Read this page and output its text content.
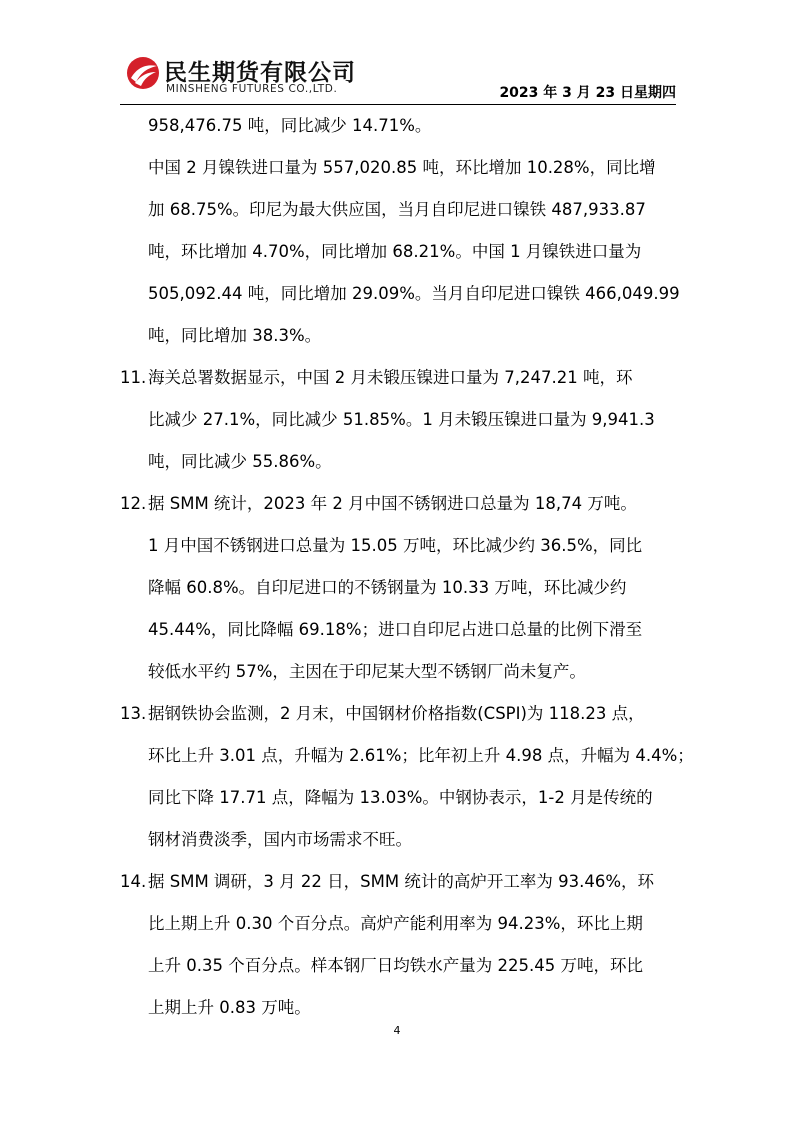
民生期货有限公司
MINSHENG FUTURES CO.,LTD.	2023 年 3 月 23 日星期四
958,476.75 吨，同比减少 14.71%。
中国 2 月镍铁进口量为 557,020.85 吨，环比增加 10.28%，同比增
加 68.75%。印尼为最大供应国，当月自印尼进口镍铁 487,933.87
吨，环比增加 4.70%，同比增加 68.21%。中国 1 月镍铁进口量为
505,092.44 吨，同比增加 29.09%。当月自印尼进口镍铁 466,049.99
吨，同比增加 38.3%。
11. 海关总署数据显示，中国 2 月未锻压镍进口量为 7,247.21 吨，环
比减少 27.1%，同比减少 51.85%。1 月未锻压镍进口量为 9,941.3
吨，同比减少 55.86%。
12. 据 SMM 统计，2023 年 2 月中国不锈钢进口总量为 18,74 万吨。
1 月中国不锈钢进口总量为 15.05 万吨，环比减少约 36.5%，同比
降幅 60.8%。自印尼进口的不锈钢量为 10.33 万吨，环比减少约
45.44%，同比降幅 69.18%；进口自印尼占进口总量的比例下滑至
较低水平约 57%，主因在于印尼某大型不锈钢厂尚未复产。
13. 据钢铁协会监测，2 月末，中国钢材价格指数(CSPI)为 118.23 点，
环比上升 3.01 点，升幅为 2.61%；比年初上升 4.98 点，升幅为 4.4%；
同比下降 17.71 点，降幅为 13.03%。中钢协表示，1-2 月是传统的
钢材消费淡季，国内市场需求不旺。
14. 据 SMM 调研，3 月 22 日，SMM 统计的高炉开工率为 93.46%，环
比上期上升 0.30 个百分点。高炉产能利用率为 94.23%，环比上期
上升 0.35 个百分点。样本钢厂日均铁水产量为 225.45 万吨，环比
上期上升 0.83 万吨。
4
